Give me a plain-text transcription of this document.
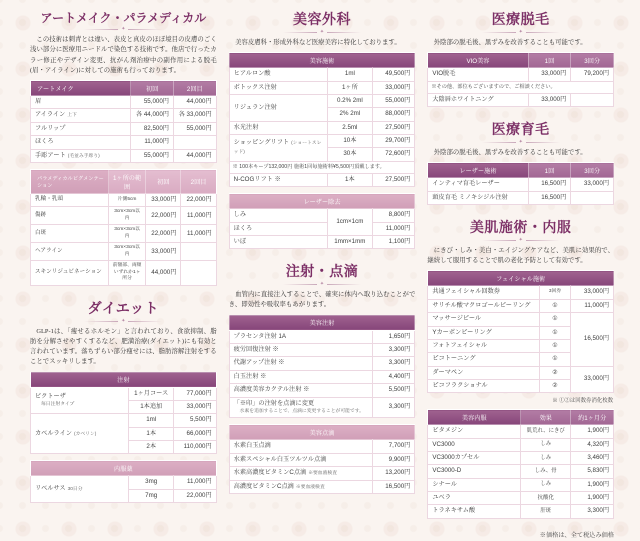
アートメイク・パラメディカル
✦

この技術は刺青とは違い、表皮と真皮のほぼ境目の皮膚のごく浅い部分に医療用ニードルで染色する技術です。他店で行ったカラー修正やデザイン変更、抗がん剤治療中の副作用による脱毛(眉・アイライン)に対しての施術も行っております。

アートメイク	初回	2回目
眉	55,000円	44,000円
アイライン 上下	各 44,000円	各 33,000円
フルリップ	82,500円	55,000円
ほくろ	11,000円	
手彫アート (毛並み手彫り)	55,000円	44,000円
パラメディカルピグメンテーション	1ヶ所の範囲	初回	2回目
乳輪・乳頭	片側5cm	33,000円	22,000円
傷跡	3cm×3cm以内	22,000円	11,000円
白斑	3cm×3cm以内	22,000円	11,000円
ヘアライン	3cm×3cm以内	33,000円	
スキンリジュビネーション	前額部、両頬いずれか1ヶ所分	44,000円	
ダイエット
✦

GLP-1は、「痩せるホルモン」と言われており、食欲抑制、脂肪を分解させやすくするなど、肥満治療(ダイエット)にも有効と言われています。落ちずらい部分痩せには、脂肪溶解注射をすることでスッキリします。

注射		
ビクトーザ
毎日注射タイプ	1ヶ月コース	77,000円
	1本追加	33,000円
カベルライン (カベリン)	1ml	5,500円
	1本	66,000円
	2本	110,000円
内服薬		
リベルサス 30日分	3mg	11,000円
	7mg	22,000円
美容外科
✦

美容皮膚科・形成外科など医療美容に特化しております。

美容施術		
ヒアルロン酸	1ml	49,500円
ボトックス注射	1ヶ所	33,000円
リジュラン注射	0.2% 2ml	55,000円
	2% 2ml	88,000円
水光注射	2.5ml	27,500円
ショッピングリフト (ショートスレッド)	10本	29,700円
	30本	72,600円
※ 100本キープ132,000円 施術1回毎施術料¥5,500円頂戴します。		
N-COGリフト ※	1本	27,500円
レーザー除去		
しみ	1cm×1cm	8,800円
ほくろ		11,000円
いぼ	1mm×1mm	1,100円
注射・点滴
✦

血管内に直接注入することで、確実に体内へ取り込むことができ、即効性や吸収率もあがります。

美容注射	
プラセンタ注射 1A	1,650円
疲労回復注射 ※	3,300円
代謝アップ注射 ※	3,300円
白玉注射 ※	4,400円
高濃度美容カクテル注射 ※	5,500円
「※印」の注射を点滴に変更
水素を追加することで、点滴に変更することが可能です。	3,300円
美容点滴	
水素白玉点滴	7,700円
水素スペシャル白玉ツルツル点滴	9,900円
水素高濃度ビタミンC点滴 ※要血液検査	13,200円
高濃度ビタミンC点滴 ※要血液検査	16,500円
医療脱毛
✦

外陰部の脱毛後、黒ずみを改善することも可能です。

VIO美容	1回	3回分
VIO脱毛	33,000円	79,200円
※その他、部位もございますので、ご相談ください。		
大陰唇ホワイトニング	33,000円	
医療育毛
✦

外陰部の脱毛後、黒ずみを改善することも可能です。

レーザー施術	1回	3回分
インティマ育毛レーザー	16,500円	33,000円
頭皮育毛 ミノキシジル注射	16,500円	
美肌施術・内服
✦

にきび・しみ・美白・エイジングケアなど、美肌に効果的で、継続して服用することで肌の老化予防として有効です。

フェイシャル施術		
共通フェイシャル回数券	3回券	33,000円
サリチル酸マクロゴールピーリング	①	11,000円
マッサージピール	①	16,500円
Yカーボンピーリング	①	
フォトフェイシャル	①	
ピコトーニング	①	
ダーマペン	②	33,000円
ピコフラクショナル	②	
※ ①②は回数券消化枚数
美容内服	効果	約1ヶ月分
ビタメジン	肌荒れ、にきび	1,900円
VC3000	しみ	4,320円
VC3000カプセル	しみ	3,460円
VC3000-D	しみ、骨	5,830円
シナール	しみ	1,900円
ユベラ	抗酸化	1,900円
トラネキサム酸	肝斑	3,300円
※価格は、全て税込み価格
